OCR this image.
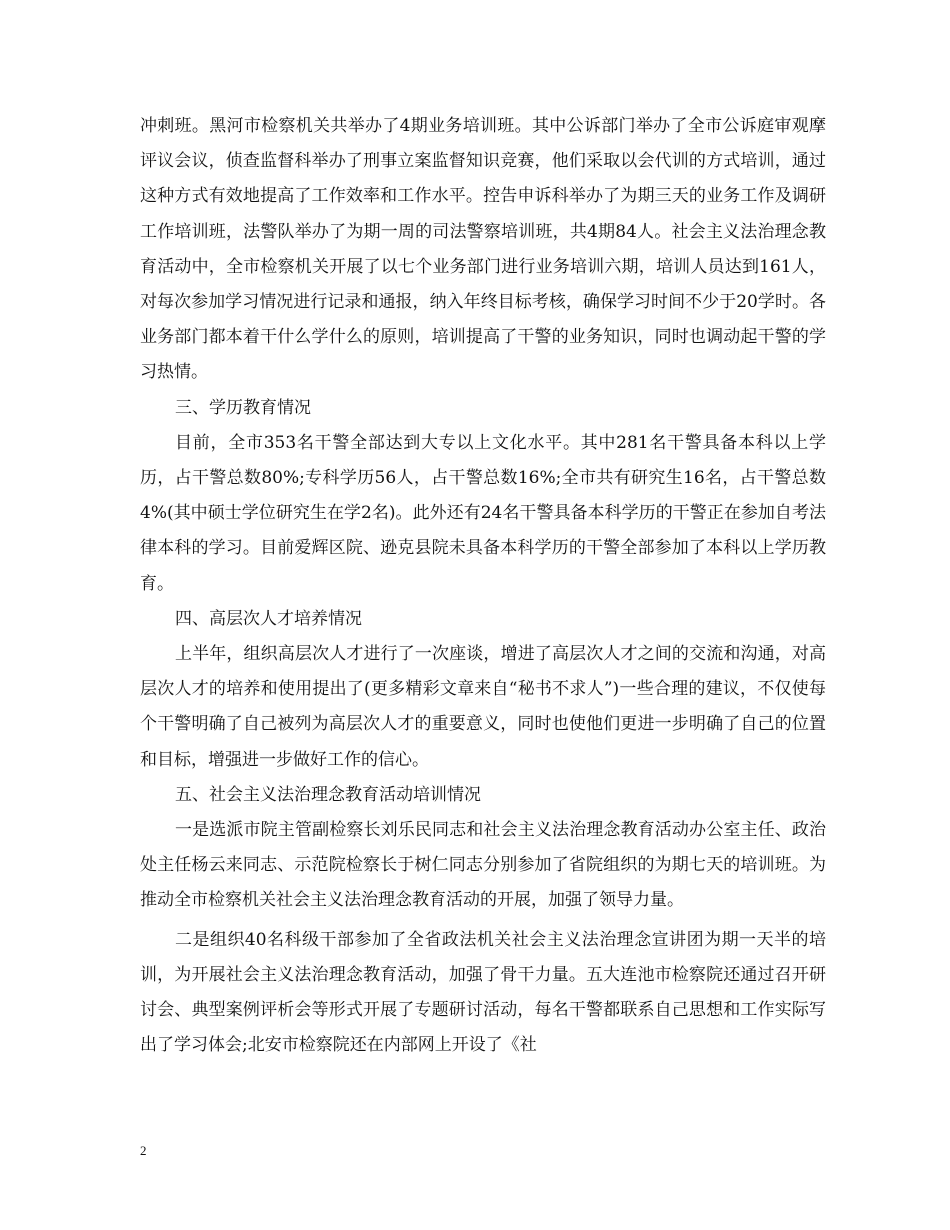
冲刺班。黑河市检察机关共举办了4期业务培训班。其中公诉部门举办了全市公诉庭审观摩评议会议，侦查监督科举办了刑事立案监督知识竞赛，他们采取以会代训的方式培训，通过这种方式有效地提高了工作效率和工作水平。控告申诉科举办了为期三天的业务工作及调研工作培训班，法警队举办了为期一周的司法警察培训班，共4期84人。社会主义法治理念教育活动中，全市检察机关开展了以七个业务部门进行业务培训六期，培训人员达到161人，对每次参加学习情况进行记录和通报，纳入年终目标考核，确保学习时间不少于20学时。各业务部门都本着干什么学什么的原则，培训提高了干警的业务知识，同时也调动起干警的学习热情。

三、学历教育情况

目前，全市353名干警全部达到大专以上文化水平。其中281名干警具备本科以上学历，占干警总数80%;专科学历56人，占干警总数16%;全市共有研究生16名，占干警总数4%(其中硕士学位研究生在学2名)。此外还有24名干警具备本科学历的干警正在参加自考法律本科的学习。目前爱辉区院、逊克县院未具备本科学历的干警全部参加了本科以上学历教育。

四、高层次人才培养情况

上半年，组织高层次人才进行了一次座谈，增进了高层次人才之间的交流和沟通，对高层次人才的培养和使用提出了(更多精彩文章来自“秘书不求人”)一些合理的建议，不仅使每个干警明确了自己被列为高层次人才的重要意义，同时也使他们更进一步明确了自己的位置和目标，增强进一步做好工作的信心。

五、社会主义法治理念教育活动培训情况

一是选派市院主管副检察长刘乐民同志和社会主义法治理念教育活动办公室主任、政治处主任杨云来同志、示范院检察长于树仁同志分别参加了省院组织的为期七天的培训班。为推动全市检察机关社会主义法治理念教育活动的开展，加强了领导力量。

二是组织40名科级干部参加了全省政法机关社会主义法治理念宣讲团为期一天半的培训，为开展社会主义法治理念教育活动，加强了骨干力量。五大连池市检察院还通过召开研讨会、典型案例评析会等形式开展了专题研讨活动，每名干警都联系自己思想和工作实际写出了学习体会;北安市检察院还在内部网上开设了《社

2
